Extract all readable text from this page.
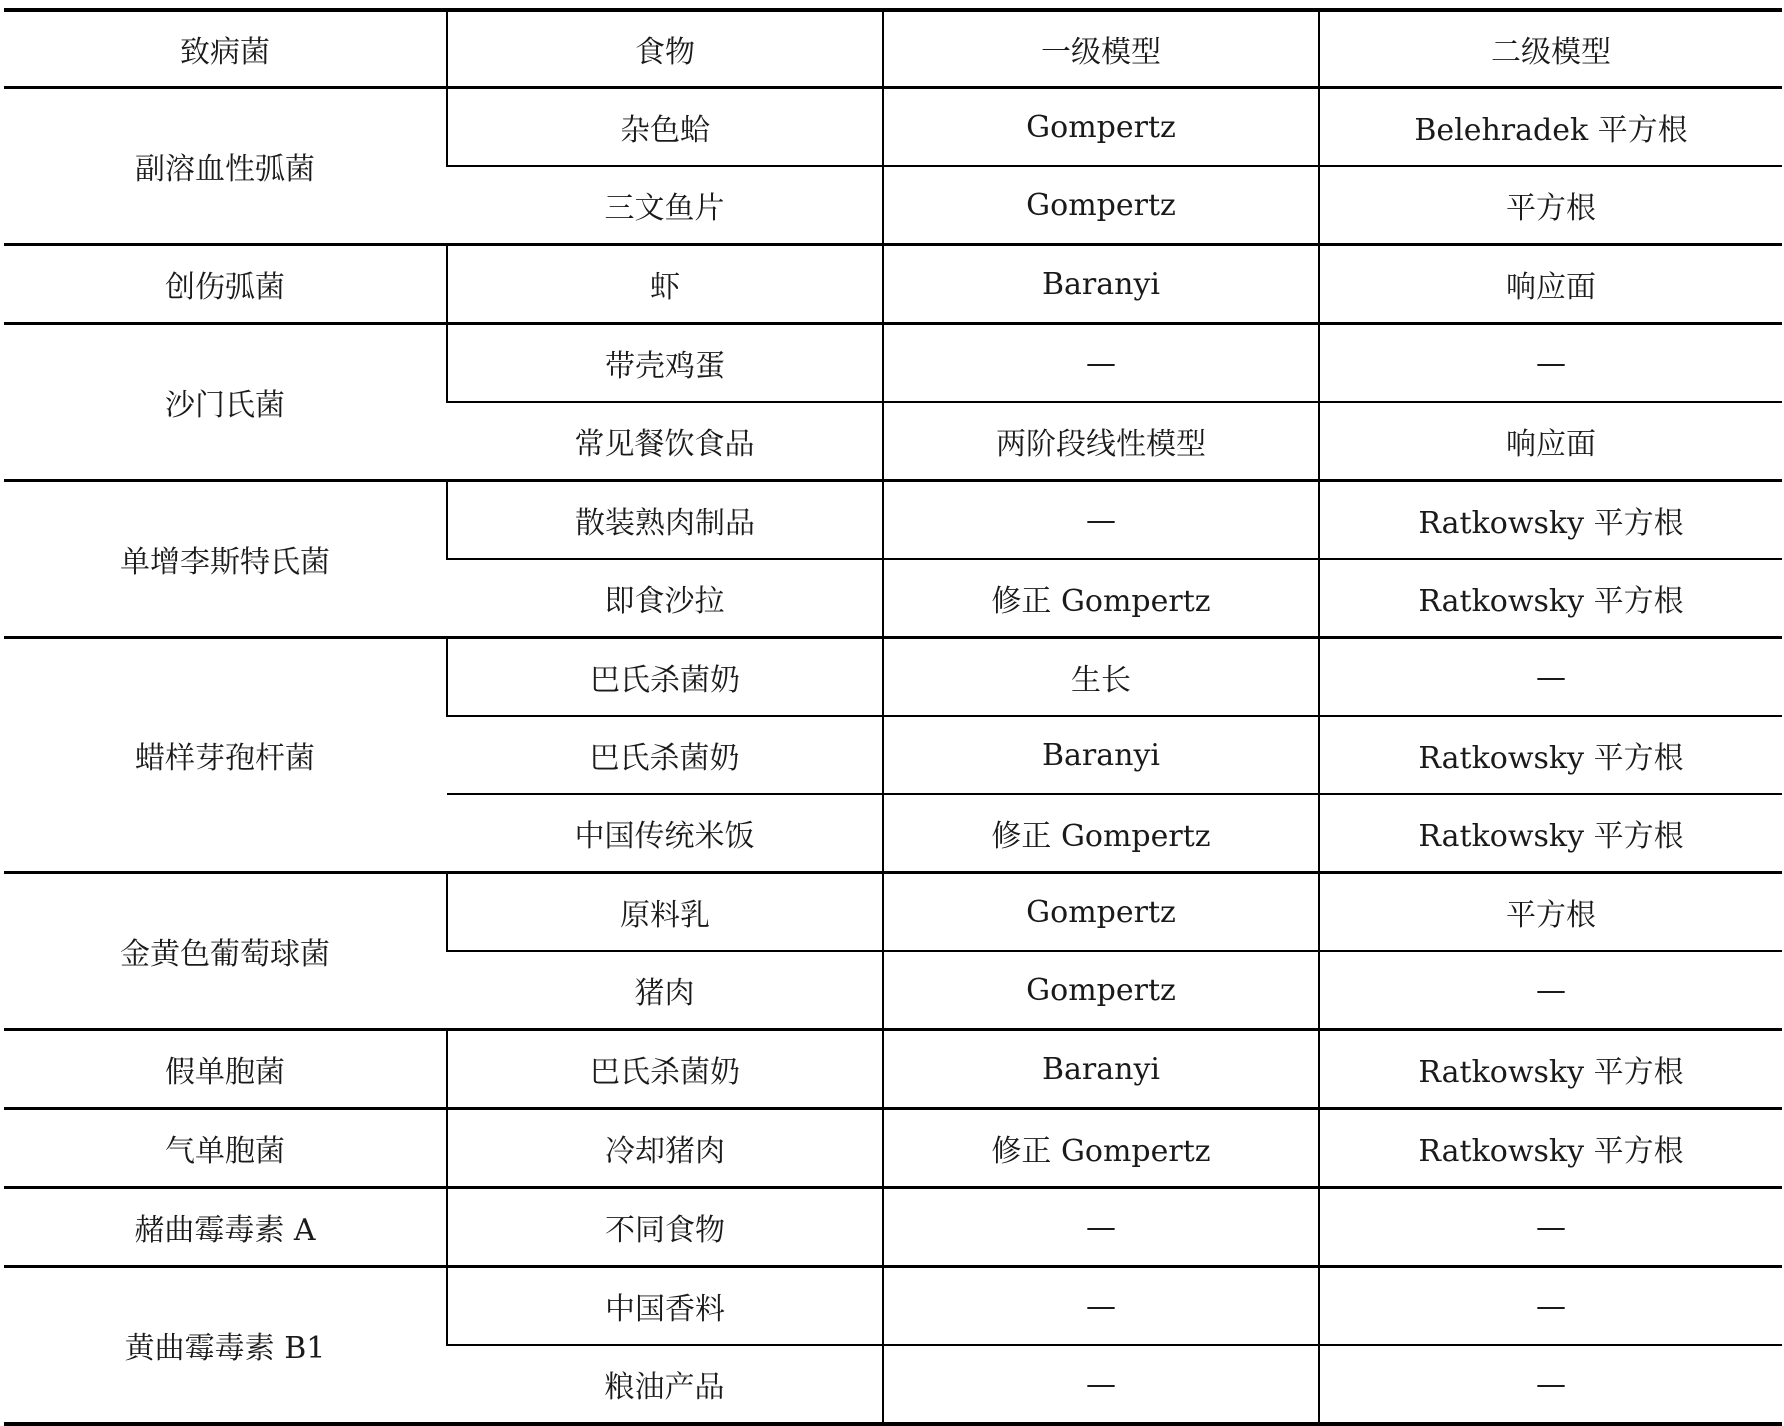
致病菌	食物	一级模型	二级模型
副溶血性弧菌	杂色蛤	Gompertz	Belehradek 平方根
	三文鱼片	Gompertz	平方根
创伤弧菌	虾	Baranyi	响应面
沙门氏菌	带壳鸡蛋	—	—
	常见餐饮食品	两阶段线性模型	响应面
单增李斯特氏菌	散装熟肉制品	—	Ratkowsky 平方根
	即食沙拉	修正 Gompertz	Ratkowsky 平方根
蜡样芽孢杆菌	巴氏杀菌奶	生长	—
	巴氏杀菌奶	Baranyi	Ratkowsky 平方根
	中国传统米饭	修正 Gompertz	Ratkowsky 平方根
金黄色葡萄球菌	原料乳	Gompertz	平方根
	猪肉	Gompertz	—
假单胞菌	巴氏杀菌奶	Baranyi	Ratkowsky 平方根
气单胞菌	冷却猪肉	修正 Gompertz	Ratkowsky 平方根
赭曲霉毒素 A	不同食物	—	—
黄曲霉毒素 B1	中国香料	—	—
	粮油产品	—	—
